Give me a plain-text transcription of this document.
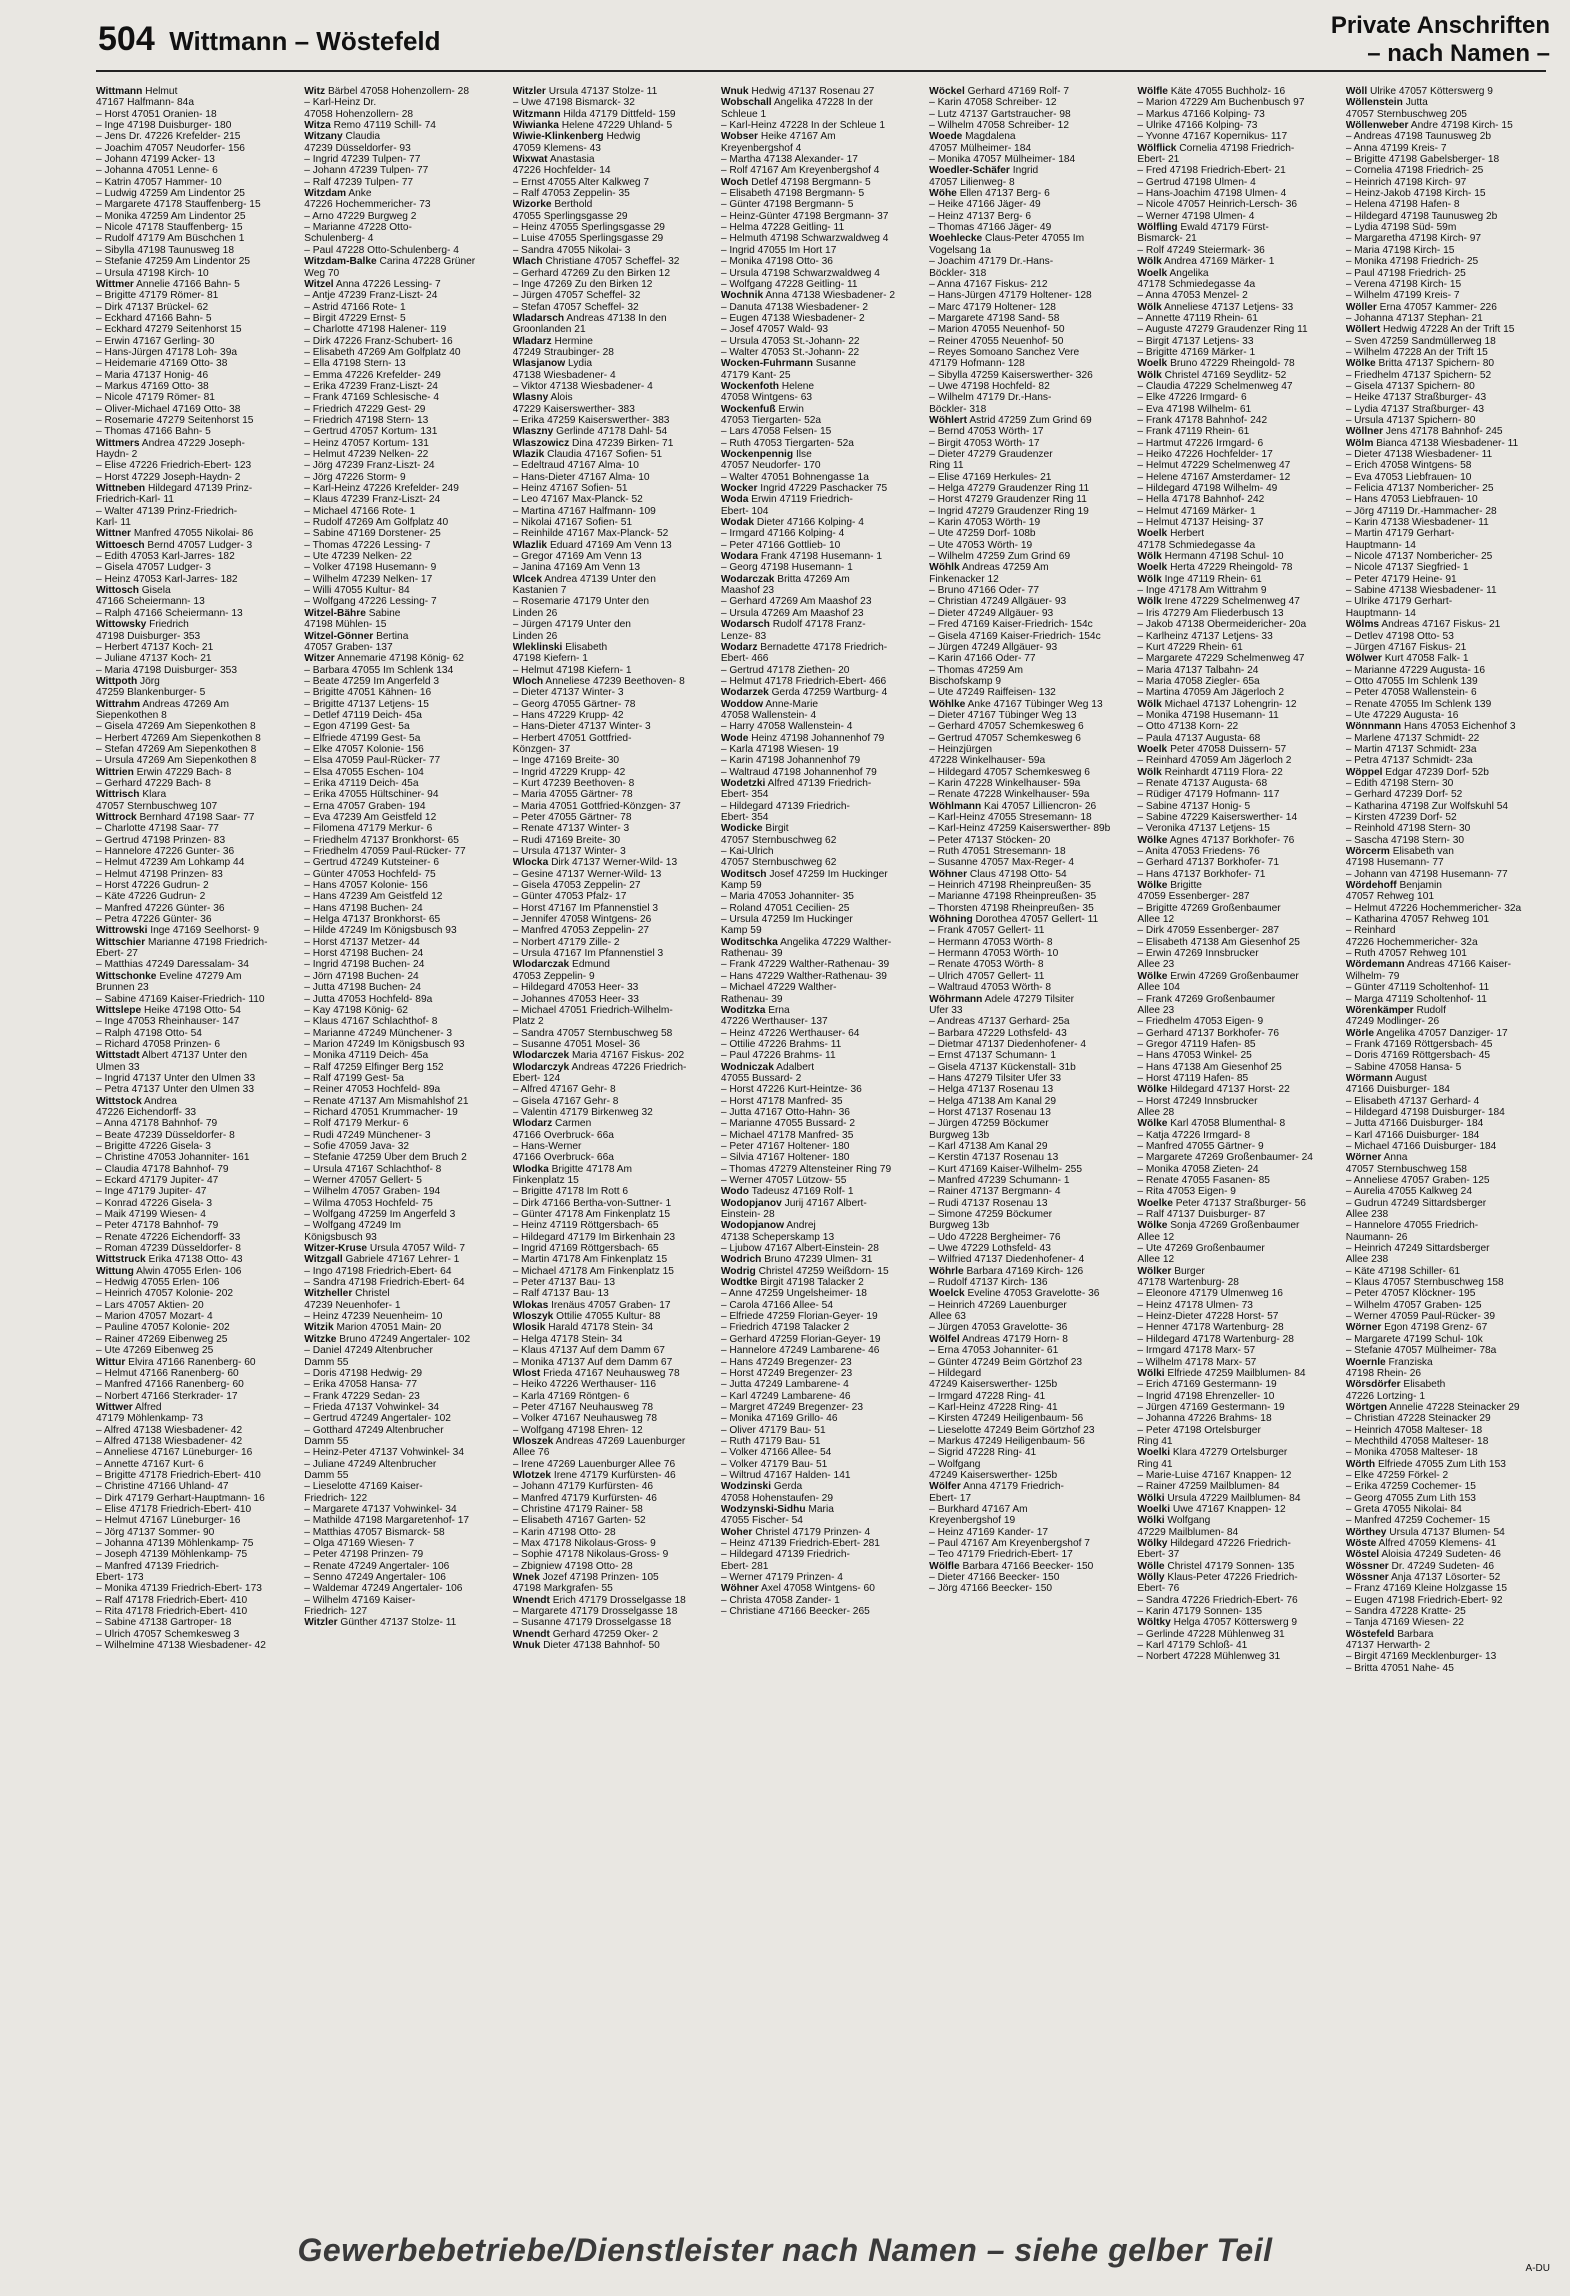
504 Wittmann – Wöstefeld
Private Anschriften
– nach Namen –
Wittmann Helmut
47167 Halfmann- 84a
– Horst 47051 Oranien- 18
– Inge 47198 Duisburger- 180
– Jens Dr. 47226 Krefelder- 215
– Joachim 47057 Neudorfer- 156
– Johann 47199 Acker- 13
– Johanna 47051 Lenne- 6
– Katrin 47057 Hammer- 10
– Ludwig 47259 Am Lindentor 25
– Margarete 47178 Stauffenberg- 15
– Monika 47259 Am Lindentor 25
– Nicole 47178 Stauffenberg- 15
– Rudolf 47179 Am Büschchen 1
– Sibylla 47198 Taunusweg 18
– Stefanie 47259 Am Lindentor 25
– Ursula 47198 Kirch- 10
Wittmer Annelie 47166 Bahn- 5
– Brigitte 47179 Römer- 81
– Dirk 47137 Brückel- 62
– Eckhard 47166 Bahn- 5
– Eckhard 47279 Seitenhorst 15
– Erwin 47167 Gerling- 30
– Hans-Jürgen 47178 Loh- 39a
– Heidemarie 47169 Otto- 38
– Maria 47137 Honig- 46
– Markus 47169 Otto- 38
– Nicole 47179 Römer- 81
– Oliver-Michael 47169 Otto- 38
– Rosemarie 47279 Seitenhorst 15
– Thomas 47166 Bahn- 5
Wittmers Andrea 47229 Joseph-
Haydn- 2
– Elise 47226 Friedrich-Ebert- 123
– Horst 47229 Joseph-Haydn- 2
Wittneben Hildegard 47139 Prinz-
Friedrich-Karl- 11
– Walter 47139 Prinz-Friedrich-
Karl- 11
Wittner Manfred 47055 Nikolai- 86
Wittoesch Bernd 47057 Ludger- 3
– Edith 47053 Karl-Jarres- 182
– Gisela 47057 Ludger- 3
– Heinz 47053 Karl-Jarres- 182
Wittosch Gisela
47166 Scheiermann- 13
– Ralph 47166 Scheiermann- 13
Wittowsky Friedrich
47198 Duisburger- 353
– Herbert 47137 Koch- 21
– Juliane 47137 Koch- 21
– Maria 47198 Duisburger- 353
Wittpoth Jörg
47259 Blankenburger- 5
Wittrahm Andreas 47269 Am
Siepenkothen 8
– Gisela 47269 Am Siepenkothen 8
– Herbert 47269 Am Siepenkothen 8
– Stefan 47269 Am Siepenkothen 8
– Ursula 47269 Am Siepenkothen 8
Wittrien Erwin 47229 Bach- 8
– Gerhard 47229 Bach- 8
Wittrisch Klara
47057 Sternbuschweg 107
Wittrock Bernhard 47198 Saar- 77
– Charlotte 47198 Saar- 77
– Gertrud 47198 Prinzen- 83
– Hannelore 47226 Gunter- 36
– Helmut 47239 Am Lohkamp 44
– Helmut 47198 Prinzen- 83
– Horst 47226 Gudrun- 2
– Käte 47226 Gudrun- 2
– Manfred 47226 Günter- 36
– Petra 47226 Günter- 36
Wittrowski Inge 47169 Seelhorst- 9
Wittschier Marianne 47198 Friedrich-
Ebert- 27
– Matthias 47249 Daressalam- 34
Wittschonke Eveline 47279 Am
Brunnen 23
– Sabine 47169 Kaiser-Friedrich- 110
Wittslepe Heike 47198 Otto- 54
– Inge 47053 Rheinhauser- 147
– Ralph 47198 Otto- 54
– Richard 47058 Prinzen- 6
Wittstadt Albert 47137 Unter den
Ulmen 33
– Ingrid 47137 Unter den Ulmen 33
– Petra 47137 Unter den Ulmen 33
Wittstock Andrea
47226 Eichendorff- 33
– Anna 47178 Bahnhof- 79
– Beate 47239 Düsseldorfer- 8
– Brigitte 47226 Gisela- 3
– Christine 47053 Johanniter- 161
– Claudia 47178 Bahnhof- 79
– Eckard 47179 Jupiter- 47
– Inge 47179 Jupiter- 47
– Konrad 47226 Gisela- 3
– Maik 47199 Wiesen- 4
– Peter 47178 Bahnhof- 79
– Renate 47226 Eichendorff- 33
– Roman 47239 Düsseldorfer- 8
Wittstruck Erika 47138 Otto- 43
Wittung Alwin 47055 Erlen- 106
– Hedwig 47055 Erlen- 106
– Heinrich 47057 Kolonie- 202
– Lars 47057 Aktien- 20
– Marion 47057 Mozart- 4
– Pauline 47057 Kolonie- 202
– Rainer 47269 Eibenweg 25
– Ute 47269 Eibenweg 25
Wittur Elvira 47166 Ranenberg- 60
– Helmut 47166 Ranenberg- 60
– Manfred 47166 Ranenberg- 60
– Norbert 47166 Sterkrader- 17
Wittwer Alfred
47179 Möhlenkamp- 73
– Alfred 47138 Wiesbadener- 42
– Alfred 47138 Wiesbadener- 42
– Anneliese 47167 Lüneburger- 16
– Annette 47167 Kurt- 6
– Brigitte 47178 Friedrich-Ebert- 410
– Christine 47166 Uhland- 47
– Dirk 47179 Gerhart-Hauptmann- 16
– Elise 47178 Friedrich-Ebert- 410
– Helmut 47167 Lüneburger- 16
– Jörg 47137 Sommer- 90
– Johanna 47139 Möhlenkamp- 75
– Joseph 47139 Möhlenkamp- 75
– Manfred 47139 Friedrich-
Ebert- 173
– Monika 47139 Friedrich-Ebert- 173
– Ralf 47178 Friedrich-Ebert- 410
– Rita 47178 Friedrich-Ebert- 410
– Sabine 47138 Gartroper- 18
– Ulrich 47057 Schemkesweg 3
– Wilhelmine 47138 Wiesbadener- 42
Witz Bärbel 47058 Hohenzollern- 28
– Karl-Heinz Dr.
47058 Hohenzollern- 28
Witza Remo 47119 Schill- 74
Witzany Claudia
47239 Düsseldorfer- 93
– Ingrid 47239 Tulpen- 77
– Johann 47239 Tulpen- 77
– Ralf 47239 Tulpen- 77
Witzdam Anke
47226 Hochemmericher- 73
– Arno 47229 Burgweg 2
– Marianne 47228 Otto-
Schulenberg- 4
– Paul 47228 Otto-Schulenberg- 4
Witzdam-Balke Carina 47228 Grüner
Weg 70
Witzel Anna 47226 Lessing- 7
– Antje 47239 Franz-Liszt- 24
– Astrid 47166 Rote- 1
– Birgit 47229 Ernst- 5
– Charlotte 47198 Halener- 119
– Dirk 47226 Franz-Schubert- 16
– Elisabeth 47269 Am Golfplatz 40
– Ella 47198 Stern- 13
– Emma 47226 Krefelder- 249
– Erika 47239 Franz-Liszt- 24
– Frank 47169 Schlesische- 4
– Friedrich 47229 Gest- 29
– Friedrich 47198 Stern- 13
– Gertrud 47057 Kortum- 131
– Heinz 47057 Kortum- 131
– Helmut 47239 Nelken- 22
– Jörg 47239 Franz-Liszt- 24
– Jörg 47226 Storm- 9
– Karl-Heinz 47226 Krefelder- 249
– Klaus 47239 Franz-Liszt- 24
– Michael 47166 Rote- 1
– Rudolf 47269 Am Golfplatz 40
– Sabine 47169 Dorstener- 25
– Thomas 47226 Lessing- 7
– Ute 47239 Nelken- 22
– Volker 47198 Husemann- 9
– Wilhelm 47239 Nelken- 17
– Willi 47055 Kultur- 84
– Wolfgang 47226 Lessing- 7
Witzel-Bähre Sabine
47198 Mühlen- 15
Witzel-Gönner Bertina
47057 Graben- 137
Witzer Annemarie 47198 König- 62
– Barbara 47055 Im Schlenk 134
– Beate 47259 Im Angerfeld 3
– Brigitte 47051 Kähnen- 16
– Brigitte 47137 Letjens- 15
– Detlef 47119 Deich- 45a
– Egon 47199 Gest- 5a
– Elfriede 47199 Gest- 5a
– Elke 47057 Kolonie- 156
– Elsa 47059 Paul-Rücker- 77
– Elsa 47055 Eschen- 104
– Erika 47119 Deich- 45a
– Erika 47055 Hültschiner- 94
– Erna 47057 Graben- 194
– Eva 47239 Am Geistfeld 12
– Filomena 47179 Merkur- 6
– Friedhelm 47137 Bronkhorst- 65
– Friedhelm 47059 Paul-Rücker- 77
– Gertrud 47249 Kutsteiner- 6
– Günter 47053 Hochfeld- 75
– Hans 47057 Kolonie- 156
– Hans 47239 Am Geistfeld 12
– Hans 47198 Buchen- 24
– Helga 47137 Bronkhorst- 65
– Hilde 47249 Im Königsbusch 93
– Horst 47137 Metzer- 44
– Horst 47198 Buchen- 24
– Ingrid 47198 Buchen- 24
– Jörn 47198 Buchen- 24
– Jutta 47198 Buchen- 24
– Jutta 47053 Hochfeld- 89a
– Kay 47198 König- 62
– Klaus 47167 Schlachthof- 8
– Marianne 47249 Münchener- 3
– Marion 47249 Im Königsbusch 93
– Monika 47119 Deich- 45a
– Ralf 47259 Elfinger Berg 152
– Ralf 47199 Gest- 5a
– Reiner 47053 Hochfeld- 89a
– Renate 47137 Am Mismahlshof 21
– Richard 47051 Krummacher- 19
– Rolf 47179 Merkur- 6
– Rudi 47249 Münchener- 3
– Sofie 47059 Java- 32
– Stefanie 47259 Über dem Bruch 2
– Ursula 47167 Schlachthof- 8
– Werner 47057 Gellert- 5
– Wilhelm 47057 Graben- 194
– Wilma 47053 Hochfeld- 75
– Wolfgang 47259 Im Angerfeld 3
– Wolfgang 47249 Im
Königsbusch 93
Witzer-Kruse Ursula 47057 Wild- 7
Witzgall Gabriele 47167 Lehrer- 1
– Ingo 47198 Friedrich-Ebert- 64
– Sandra 47198 Friedrich-Ebert- 64
Witzheller Christel
47239 Neuenhofer- 1
– Heinz 47239 Neuenheim- 10
Witzik Marion 47051 Main- 20
Witzke Bruno 47249 Angertaler- 102
– Daniel 47249 Altenbrucher
Damm 55
– Doris 47198 Hedwig- 29
– Erika 47058 Hansa- 77
– Frank 47229 Sedan- 23
– Frieda 47137 Vohwinkel- 34
– Gertrud 47249 Angertaler- 102
– Gotthard 47249 Altenbrucher
Damm 55
– Heinz-Peter 47137 Vohwinkel- 34
– Juliane 47249 Altenbrucher
Damm 55
– Lieselotte 47169 Kaiser-
Friedrich- 122
– Margarete 47137 Vohwinkel- 34
– Mathilde 47198 Margaretenhof- 17
– Matthias 47057 Bismarck- 58
– Olga 47169 Wiesen- 7
– Peter 47198 Prinzen- 79
– Renate 47249 Angertaler- 106
– Senno 47249 Angertaler- 106
– Waldemar 47249 Angertaler- 106
– Wilhelm 47169 Kaiser-
Friedrich- 127
Witzler Günther 47137 Stolze- 11
Witzler Ursula 47137 Stolze- 11
– Uwe 47198 Bismarck- 32
Witzmann Hilda 47179 Dittfeld- 159
Wiwianka Helene 47229 Uhland- 5
Wiwie-Klinkenberg Hedwig
47059 Klemens- 43
Wixwat Anastasia
47226 Hochfelder- 14
– Ernst 47055 Alter Kalkweg 7
– Ralf 47053 Zeppelin- 35
Wizorke Berthold
47055 Sperlingsgasse 29
– Heinz 47055 Sperlingsgasse 29
– Luise 47055 Sperlingsgasse 29
– Sandra 47055 Nikolai- 3
Wlach Christiane 47057 Scheffel- 32
– Gerhard 47269 Zu den Birken 12
– Inge 47269 Zu den Birken 12
– Jürgen 47057 Scheffel- 32
– Stefan 47057 Scheffel- 32
Wladarsch Andreas 47138 In den
Groonlanden 21
Wladarz Hermine
47249 Straubinger- 28
Wlasjanow Lydia
47138 Wiesbadener- 4
– Viktor 47138 Wiesbadener- 4
Wlasny Alois
47229 Kaiserswerther- 383
– Erika 47259 Kaiserswerther- 383
Wlaszny Gerlinde 47178 Dahl- 54
Wlaszowicz Dina 47239 Birken- 71
Wlazik Claudia 47167 Sofien- 51
– Edeltraud 47167 Alma- 10
– Hans-Dieter 47167 Alma- 10
– Heinz 47167 Sofien- 51
– Leo 47167 Max-Planck- 52
– Martina 47167 Halfmann- 109
– Nikolai 47167 Sofien- 51
– Reinhilde 47167 Max-Planck- 52
Wlazlik Eduard 47169 Am Venn 13
– Gregor 47169 Am Venn 13
– Janina 47169 Am Venn 13
Wlcek Andrea 47139 Unter den
Kastanien 7
– Rosemarie 47179 Unter den
Linden 26
– Jürgen 47179 Unter den
Linden 26
Wleklinski Elisabeth
47198 Kiefern- 1
– Helmut 47198 Kiefern- 1
Wloch Anneliese 47239 Beethoven- 8
– Dieter 47137 Winter- 3
– Georg 47055 Gärtner- 78
– Hans 47229 Krupp- 42
– Hans-Dieter 47137 Winter- 3
– Herbert 47051 Gottfried-
Könzgen- 37
– Inge 47169 Breite- 30
– Ingrid 47229 Krupp- 42
– Kurt 47239 Beethoven- 8
– Maria 47055 Gärtner- 78
– Maria 47051 Gottfried-Könzgen- 37
– Peter 47055 Gärtner- 78
– Renate 47137 Winter- 3
– Rudi 47169 Breite- 30
– Ursula 47137 Winter- 3
Wlocka Dirk 47137 Werner-Wild- 13
– Gesine 47137 Werner-Wild- 13
– Gisela 47053 Zeppelin- 27
– Günter 47053 Pfalz- 17
– Horst 47167 Im Pfannenstiel 3
– Jennifer 47058 Wintgens- 26
– Manfred 47053 Zeppelin- 27
– Norbert 47179 Zille- 2
– Ursula 47167 Im Pfannenstiel 3
Wlodarczak Edmund
47053 Zeppelin- 9
– Hildegard 47053 Heer- 33
– Johannes 47053 Heer- 33
– Michael 47051 Friedrich-Wilhelm-
Platz 2
– Sandra 47057 Sternbuschweg 58
– Susanne 47051 Mosel- 36
Wlodarczek Maria 47167 Fiskus- 202
Wlodarczyk Andreas 47226 Friedrich-
Ebert- 124
– Alfred 47167 Gehr- 8
– Gisela 47167 Gehr- 8
– Valentin 47179 Birkenweg 32
Wlodarz Carmen
47166 Overbruck- 66a
– Hans-Werner
47166 Overbruck- 66a
Wlodka Brigitte 47178 Am
Finkenplatz 15
– Brigitte 47178 Im Rott 6
– Dirk 47166 Bertha-von-Suttner- 1
– Günter 47178 Am Finkenplatz 15
– Heinz 47119 Röttgersbach- 65
– Hildegard 47179 Im Birkenhain 23
– Ingrid 47169 Röttgersbach- 65
– Martin 47178 Am Finkenplatz 15
– Michael 47178 Am Finkenplatz 15
– Peter 47137 Bau- 13
– Ralf 47137 Bau- 13
Wlokas Irenäus 47057 Graben- 17
Wloszyk Ottilie 47055 Kultur- 88
Wlosik Harald 47178 Stein- 34
– Helga 47178 Stein- 34
– Klaus 47137 Auf dem Damm 67
– Monika 47137 Auf dem Damm 67
Wlost Frieda 47167 Neuhausweg 78
– Heiko 47226 Werthauser- 116
– Karla 47169 Röntgen- 6
– Peter 47167 Neuhausweg 78
– Volker 47167 Neuhausweg 78
– Wolfgang 47198 Ehren- 12
Wloszek Andreas 47269 Lauenburger
Allee 76
– Irene 47269 Lauenburger Allee 76
Wlotzek Irene 47179 Kurfürsten- 46
– Johann 47179 Kurfürsten- 46
– Manfred 47179 Kurfürsten- 46
– Christine 47179 Rainer- 58
– Elisabeth 47167 Garten- 52
– Karin 47198 Otto- 28
– Max 47178 Nikolaus-Gross- 9
– Sophie 47178 Nikolaus-Gross- 9
– Zbigniew 47198 Otto- 28
Wnek Jozef 47198 Prinzen- 105
47198 Markgrafen- 55
Wnendt Erich 47179 Drosselgasse 18
– Margarete 47179 Drosselgasse 18
– Susanne 47179 Drosselgasse 18
Wnendt Gerhard 47259 Oker- 2
Wnuk Dieter 47138 Bahnhof- 50
Wnuk Hedwig 47137 Rosenau 27
Wobschall Angelika 47228 In der
Schleue 1
– Karl-Heinz 47228 In der Schleue 1
Wobser Heike 47167 Am
Kreyenbergshof 4
– Martha 47138 Alexander- 17
– Rolf 47167 Am Kreyenbergshof 4
Woch Detlef 47198 Bergmann- 5
– Elisabeth 47198 Bergmann- 5
– Günter 47198 Bergmann- 5
– Heinz-Günter 47198 Bergmann- 37
– Helma 47228 Geitling- 11
– Helmuth 47198 Schwarzwaldweg 4
– Ingrid 47055 Im Hort 17
– Monika 47198 Otto- 36
– Ursula 47198 Schwarzwaldweg 4
– Wolfgang 47228 Geitling- 11
Wochnik Anna 47138 Wiesbadener- 2
– Danuta 47138 Wiesbadener- 2
– Eugen 47138 Wiesbadener- 2
– Josef 47057 Wald- 93
– Ursula 47053 St.-Johann- 22
– Walter 47053 St.-Johann- 22
Wocken-Fuhrmann Susanne
47179 Kant- 25
Wockenfoth Helene
47058 Wintgens- 63
Wockenfuß Erwin
47053 Tiergarten- 52a
– Lars 47058 Felsen- 15
– Ruth 47053 Tiergarten- 52a
Wockenpennig Ilse
47057 Neudorfer- 170
– Walter 47051 Bohnengasse 1a
Wocker Ingrid 47229 Paschacker 75
Woda Erwin 47119 Friedrich-
Ebert- 104
Wodak Dieter 47166 Kolping- 4
– Irmgard 47166 Kolping- 4
– Peter 47166 Gottlieb- 10
Wodara Frank 47198 Husemann- 1
– Georg 47198 Husemann- 1
Wodarczak Britta 47269 Am
Maashof 23
– Gerhard 47269 Am Maashof 23
– Ursula 47269 Am Maashof 23
Wodarsch Rudolf 47178 Franz-
Lenze- 83
Wodarz Bernadette 47178 Friedrich-
Ebert- 466
– Gertrud 47178 Ziethen- 20
– Helmut 47178 Friedrich-Ebert- 466
Wodarzek Gerda 47259 Wartburg- 4
Woddow Anne-Marie
47058 Wallenstein- 4
– Harry 47058 Wallenstein- 4
Wode Heinz 47198 Johannenhof 79
– Karla 47198 Wiesen- 19
– Karin 47198 Johannenhof 79
– Waltraud 47198 Johannenhof 79
Wodetzki Alfred 47139 Friedrich-
Ebert- 354
– Hildegard 47139 Friedrich-
Ebert- 354
Wodicke Birgit
47057 Sternbuschweg 62
– Kai-Ulrich
47057 Sternbuschweg 62
Woditsch Josef 47259 Im Huckinger
Kamp 59
– Maria 47053 Johanniter- 35
– Roland 47051 Cecilien- 25
– Ursula 47259 Im Huckinger
Kamp 59
Woditschka Angelika 47229 Walther-
Rathenau- 39
– Frank 47229 Walther-Rathenau- 39
– Hans 47229 Walther-Rathenau- 39
– Michael 47229 Walther-
Rathenau- 39
Woditzka Erna
47226 Werthauser- 137
– Heinz 47226 Werthauser- 64
– Ottilie 47226 Brahms- 11
– Paul 47226 Brahms- 11
Wodniczak Adalbert
47055 Bussard- 2
– Horst 47226 Kurt-Heintze- 36
– Horst 47178 Manfred- 35
– Jutta 47167 Otto-Hahn- 36
– Marianne 47055 Bussard- 2
– Michael 47178 Manfred- 35
– Peter 47167 Holtener- 180
– Silvia 47167 Holtener- 180
– Thomas 47279 Altensteiner Ring 79
– Werner 47057 Lützow- 55
Wodo Tadeusz 47169 Rolf- 1
Wodopjanov Jurij 47167 Albert-
Einstein- 28
Wodopjanow Andrej
47138 Scheperskamp 13
– Ljubow 47167 Albert-Einstein- 28
Wodrich Bruno 47239 Ulmen- 31
Wodrig Christel 47259 Weißdorn- 15
Wodtke Birgit 47198 Talacker 2
– Anne 47259 Ungelsheimer- 18
– Carola 47166 Allee- 54
– Elfriede 47259 Florian-Geyer- 19
– Friedrich 47198 Talacker 2
– Gerhard 47259 Florian-Geyer- 19
– Hannelore 47249 Lambarene- 46
– Hans 47249 Bregenzer- 23
– Horst 47249 Bregenzer- 23
– Jutta 47249 Lambarene- 4
– Karl 47249 Lambarene- 46
– Margret 47249 Bregenzer- 23
– Monika 47169 Grillo- 46
– Oliver 47179 Bau- 51
– Ruth 47179 Bau- 51
– Volker 47166 Allee- 54
– Volker 47179 Bau- 51
– Wiltrud 47167 Halden- 141
Wodzinski Gerda
47058 Hohenstaufen- 29
Wodzynski-Sidhu Maria
47055 Fischer- 54
Woher Christel 47179 Prinzen- 4
– Heinz 47139 Friedrich-Ebert- 281
– Hildegard 47139 Friedrich-
Ebert- 281
– Werner 47179 Prinzen- 4
Wöhner Axel 47058 Wintgens- 60
– Christa 47058 Zander- 1
– Christiane 47166 Beecker- 265
Wöckel Gerhard 47169 Rolf- 7
– Karin 47058 Schreiber- 12
– Lutz 47137 Gartstraucher- 98
– Wilhelm 47058 Schreiber- 12
Woede Magdalena
47057 Mülheimer- 184
– Monika 47057 Mülheimer- 184
Woedler-Schäfer Ingrid
47057 Lilienweg- 8
Wöhe Ellen 47137 Berg- 6
– Heike 47166 Jäger- 49
– Heinz 47137 Berg- 6
– Thomas 47166 Jäger- 49
Woehlecke Claus-Peter 47055 Im
Vogelsang 1a
– Joachim 47179 Dr.-Hans-
Böckler- 318
– Anna 47167 Fiskus- 212
– Hans-Jürgen 47179 Holtener- 128
– Marc 47179 Holtener- 128
– Margarete 47198 Sand- 58
– Marion 47055 Neuenhof- 50
– Reiner 47055 Neuenhof- 50
– Reyes Somoano Sanchez Vere
47179 Hofmann- 128
– Sibylla 47259 Kaiserswerther- 326
– Uwe 47198 Hochfeld- 82
– Wilhelm 47179 Dr.-Hans-
Böckler- 318
Wöhlert Astrid 47259 Zum Grind 69
– Bernd 47053 Wörth- 17
– Birgit 47053 Wörth- 17
– Dieter 47279 Graudenzer
Ring 11
– Elise 47169 Herkules- 21
– Helga 47279 Graudenzer Ring 11
– Horst 47279 Graudenzer Ring 11
– Ingrid 47279 Graudenzer Ring 19
– Karin 47053 Wörth- 19
– Ute 47259 Dorf- 108b
– Ute 47053 Wörth- 19
– Wilhelm 47259 Zum Grind 69
Wöhlk Andreas 47259 Am
Finkenacker 12
– Bruno 47166 Oder- 77
– Christian 47249 Allgäuer- 93
– Dieter 47249 Allgäuer- 93
– Fred 47169 Kaiser-Friedrich- 154c
– Gisela 47169 Kaiser-Friedrich- 154c
– Jürgen 47249 Allgäuer- 93
– Karin 47166 Oder- 77
– Thomas 47259 Am
Bischofskamp 9
– Ute 47249 Raiffeisen- 132
Wöhlke Anke 47167 Tübinger Weg 13
– Dieter 47167 Tübinger Weg 13
– Gerhard 47057 Schemkesweg 6
– Gertrud 47057 Schemkesweg 6
– Heinzjürgen
47228 Winkelhauser- 59a
– Hildegard 47057 Schemkesweg 6
– Karin 47228 Winkelhauser- 59a
– Renate 47228 Winkelhauser- 59a
Wöhlmann Kai 47057 Lilliencron- 26
– Karl-Heinz 47055 Stresemann- 18
– Karl-Heinz 47259 Kaiserswerther- 89b
– Peter 47137 Stöcken- 20
– Ruth 47051 Stresemann- 18
– Susanne 47057 Max-Reger- 4
Wöhner Claus 47198 Otto- 54
– Heinrich 47198 Rheinpreußen- 35
– Marianne 47198 Rheinpreußen- 35
– Thorsten 47198 Rheinpreußen- 35
Wöhning Dorothea 47057 Gellert- 11
– Frank 47057 Gellert- 11
– Hermann 47053 Wörth- 8
– Hermann 47053 Wörth- 10
– Renate 47053 Wörth- 8
– Ulrich 47057 Gellert- 11
– Waltraud 47053 Wörth- 8
Wöhrmann Adele 47279 Tilsiter
Ufer 33
– Andreas 47137 Gerhard- 25a
– Barbara 47229 Lothsfeld- 43
– Dietmar 47137 Diedenhofener- 4
– Ernst 47137 Schumann- 1
– Gisela 47137 Kückenstall- 31b
– Hans 47279 Tilsiter Ufer 33
– Helga 47137 Rosenau 13
– Helga 47138 Am Kanal 29
– Horst 47137 Rosenau 13
– Jürgen 47259 Böckumer
Burgweg 13b
– Karl 47138 Am Kanal 29
– Kerstin 47137 Rosenau 13
– Kurt 47169 Kaiser-Wilhelm- 255
– Manfred 47239 Schumann- 1
– Rainer 47137 Bergmann- 4
– Rudi 47137 Rosenau 13
– Simone 47259 Böckumer
Burgweg 13b
– Udo 47228 Bergheimer- 76
– Uwe 47229 Lothsfeld- 43
– Wilfried 47137 Diedenhofener- 4
Wöhrle Barbara 47169 Kirch- 126
– Rudolf 47137 Kirch- 136
Woelck Eveline 47053 Gravelotte- 36
– Heinrich 47269 Lauenburger
Allee 63
– Jürgen 47053 Gravelotte- 36
Wölfel Andreas 47179 Horn- 8
– Erna 47053 Johanniter- 61
– Günter 47249 Beim Görtzhof 23
– Hildegard
47249 Kaiserswerther- 125b
– Irmgard 47228 Ring- 41
– Karl-Heinz 47228 Ring- 41
– Kirsten 47249 Heiligenbaum- 56
– Lieselotte 47249 Beim Görtzhof 23
– Markus 47249 Heiligenbaum- 56
– Sigrid 47228 Ring- 41
– Wolfgang
47249 Kaiserswerther- 125b
Wölfer Anna 47179 Friedrich-
Ebert- 17
– Burkhard 47167 Am
Kreyenbergshof 19
– Heinz 47169 Kander- 17
– Paul 47167 Am Kreyenbergshof 7
– Teo 47179 Friedrich-Ebert- 17
Wölfle Barbara 47166 Beecker- 150
– Dieter 47166 Beecker- 150
– Jörg 47166 Beecker- 150
Wölfle Käte 47055 Buchholz- 16
– Marion 47229 Am Buchenbusch 97
– Markus 47166 Kolping- 73
– Ulrike 47166 Kolping- 73
– Yvonne 47167 Kopernikus- 117
Wölflick Cornelia 47198 Friedrich-
Ebert- 21
– Fred 47198 Friedrich-Ebert- 21
– Gertrud 47198 Ulmen- 4
– Hans-Joachim 47198 Ulmen- 4
– Nicole 47057 Heinrich-Lersch- 36
– Werner 47198 Ulmen- 4
Wölfling Ewald 47179 Fürst-
Bismarck- 21
– Rolf 47249 Steiermark- 36
Wölk Andrea 47169 Märker- 1
Woelk Angelika
47178 Schmiedegasse 4a
– Anna 47053 Menzel- 2
Wölk Anneliese 47137 Letjens- 33
– Annette 47119 Rhein- 61
– Auguste 47279 Graudenzer Ring 11
– Birgit 47137 Letjens- 33
– Brigitte 47169 Märker- 1
Woelk Bruno 47229 Rheingold- 78
Wölk Christel 47169 Seydlitz- 52
– Claudia 47229 Schelmenweg 47
– Elke 47226 Irmgard- 6
– Eva 47198 Wilhelm- 61
– Frank 47178 Bahnhof- 242
– Frank 47119 Rhein- 61
– Hartmut 47226 Irmgard- 6
– Heiko 47226 Hochfelder- 17
– Helmut 47229 Schelmenweg 47
– Helene 47167 Amsterdamer- 12
– Hildegard 47198 Wilhelm- 49
– Hella 47178 Bahnhof- 242
– Helmut 47169 Märker- 1
– Helmut 47137 Heising- 37
Woelk Herbert
47178 Schmiedegasse 4a
Wölk Hermann 47198 Schul- 10
Woelk Herta 47229 Rheingold- 78
Wölk Inge 47119 Rhein- 61
– Inge 47178 Am Wittrahm 9
Wölk Irene 47229 Schelmenweg 47
– Iris 47279 Am Fliederbusch 13
– Jakob 47138 Obermeidericher- 20a
– Karlheinz 47137 Letjens- 33
– Kurt 47229 Rhein- 61
– Margarete 47229 Schelmenweg 47
– Maria 47137 Talbahn- 24
– Maria 47058 Ziegler- 65a
– Martina 47059 Am Jägerloch 2
Wölk Michael 47137 Lohengrin- 12
– Monika 47198 Husemann- 11
– Otto 47138 Korn- 22
– Paula 47137 Augusta- 68
Woelk Peter 47058 Duissern- 57
– Reinhard 47059 Am Jägerloch 2
Wölk Reinhardt 47119 Flora- 22
– Renate 47137 Augusta- 68
– Rüdiger 47179 Hofmann- 117
– Sabine 47137 Honig- 5
– Sabine 47229 Kaiserswerther- 14
– Veronika 47137 Letjens- 15
Wölke Agnes 47137 Borkhofer- 76
– Anita 47053 Friedens- 76
– Gerhard 47137 Borkhofer- 71
– Hans 47137 Borkhofer- 71
Wölke Brigitte
47059 Essenberger- 287
– Brigitte 47269 Großenbaumer
Allee 12
– Dirk 47059 Essenberger- 287
– Elisabeth 47138 Am Giesenhof 25
– Erwin 47269 Innsbrucker
Allee 23
Wölke Erwin 47269 Großenbaumer
Allee 104
– Frank 47269 Großenbaumer
Allee 23
– Friedhelm 47053 Eigen- 9
– Gerhard 47137 Borkhofer- 76
– Gregor 47119 Hafen- 85
– Hans 47053 Winkel- 25
– Hans 47138 Am Giesenhof 25
– Horst 47119 Hafen- 85
Wölke Hildegard 47137 Horst- 22
– Horst 47249 Innsbrucker
Allee 28
Wölke Karl 47058 Blumenthal- 8
– Katja 47226 Irmgard- 8
– Manfred 47055 Gärtner- 9
– Margarete 47269 Großenbaumer- 24
– Monika 47058 Zieten- 24
– Renate 47055 Fasanen- 85
– Rita 47053 Eigen- 9
Woelke Peter 47137 Straßburger- 56
– Ralf 47137 Duisburger- 87
Wölke Sonja 47269 Großenbaumer
Allee 12
– Ute 47269 Großenbaumer
Allee 12
Wölker Burger
47178 Wartenburg- 28
– Eleonore 47179 Ulmenweg 16
– Heinz 47178 Ulmen- 73
– Heinz-Dieter 47228 Horst- 57
– Henner 47178 Wartenburg- 28
– Hildegard 47178 Wartenburg- 28
– Irmgard 47178 Marx- 57
– Wilhelm 47178 Marx- 57
Wölki Elfriede 47259 Mailblumen- 84
– Erich 47169 Gestermann- 19
– Ingrid 47198 Ehrenzeller- 10
– Jürgen 47169 Gestermann- 19
– Johanna 47226 Brahms- 18
– Peter 47198 Ortelsburger
Ring 41
Woelki Klara 47279 Ortelsburger
Ring 41
– Marie-Luise 47167 Knappen- 12
– Rainer 47259 Mailblumen- 84
Wölki Ursula 47229 Mailblumen- 84
Woelki Uwe 47167 Knappen- 12
Wölki Wolfgang
47229 Mailblumen- 84
Wölky Hildegard 47226 Friedrich-
Ebert- 37
Wölle Christel 47179 Sonnen- 135
Wölly Klaus-Peter 47226 Friedrich-
Ebert- 76
– Sandra 47226 Friedrich-Ebert- 76
– Karin 47179 Sonnen- 135
Wöltky Helga 47057 Kötterswerg 9
– Gerlinde 47228 Mühlenweg 31
– Karl 47179 Schloß- 41
– Norbert 47228 Mühlenweg 31
Wöll Ulrike 47057 Kötterswerg 9
Wöllenstein Jutta
47057 Sternbuschweg 205
Wöllenweber Andre 47198 Kirch- 15
– Andreas 47198 Taunusweg 2b
– Anna 47199 Kreis- 7
– Brigitte 47198 Gabelsberger- 18
– Cornelia 47198 Friedrich- 25
– Heinrich 47198 Kirch- 97
– Heinz-Jakob 47198 Kirch- 15
– Helena 47198 Hafen- 8
– Hildegard 47198 Taunusweg 2b
– Lydia 47198 Süd- 59m
– Margaretha 47198 Kirch- 97
– Maria 47198 Kirch- 15
– Monika 47198 Friedrich- 25
– Paul 47198 Friedrich- 25
– Verena 47198 Kirch- 15
– Wilhelm 47199 Kreis- 7
Wöller Erna 47057 Kammer- 226
– Johanna 47137 Stephan- 21
Wöllert Hedwig 47228 An der Trift 15
– Sven 47259 Sandmüllerweg 18
– Wilhelm 47228 An der Trift 15
Wölke Britta 47137 Spichern- 80
– Friedhelm 47137 Spichern- 52
– Gisela 47137 Spichern- 80
– Heike 47137 Straßburger- 43
– Lydia 47137 Straßburger- 43
– Ursula 47137 Spichern- 80
Wöllner Jens 47178 Bahnhof- 245
Wölm Bianca 47138 Wiesbadener- 11
– Dieter 47138 Wiesbadener- 11
– Erich 47058 Wintgens- 58
– Eva 47053 Liebfrauen- 10
– Felicia 47137 Nombericher- 25
– Hans 47053 Liebfrauen- 10
– Jörg 47119 Dr.-Hammacher- 28
– Karin 47138 Wiesbadener- 11
– Martin 47179 Gerhart-
Hauptmann- 14
– Nicole 47137 Nombericher- 25
– Nicole 47137 Siegfried- 1
– Peter 47179 Heine- 91
– Sabine 47138 Wiesbadener- 11
– Ulrike 47179 Gerhart-
Hauptmann- 14
Wölms Andreas 47167 Fiskus- 21
– Detlev 47198 Otto- 53
– Jürgen 47167 Fiskus- 21
Wölwer Kurt 47058 Falk- 1
– Marianne 47229 Augusta- 16
– Otto 47055 Im Schlenk 139
– Peter 47058 Wallenstein- 6
– Renate 47055 Im Schlenk 139
– Ute 47229 Augusta- 16
Wönnmann Hans 47053 Eichenhof 3
– Marlene 47137 Schmidt- 22
– Martin 47137 Schmidt- 23a
– Petra 47137 Schmidt- 23a
Wöppel Edgar 47239 Dorf- 52b
– Edith 47198 Stern- 30
– Gerhard 47239 Dorf- 52
– Katharina 47198 Zur Wolfskuhl 54
– Kirsten 47239 Dorf- 52
– Reinhold 47198 Stern- 30
– Sascha 47198 Stern- 30
Wörcerm Elisabeth van
47198 Husemann- 77
– Johann van 47198 Husemann- 77
Wördehoff Benjamin
47057 Rehweg 101
– Helmut 47226 Hochemmericher- 32a
– Katharina 47057 Rehweg 101
– Reinhard
47226 Hochemmericher- 32a
– Ruth 47057 Rehweg 101
Wördemann Andreas 47166 Kaiser-
Wilhelm- 79
– Günter 47119 Scholtenhof- 11
– Marga 47119 Scholtenhof- 11
Wörenkämper Rudolf
47249 Modlinger- 26
Wörle Angelika 47057 Danziger- 17
– Frank 47169 Röttgersbach- 45
– Doris 47169 Röttgersbach- 45
– Sabine 47058 Hansa- 5
Wörmann August
47166 Duisburger- 184
– Elisabeth 47137 Gerhard- 4
– Hildegard 47198 Duisburger- 184
– Jutta 47166 Duisburger- 184
– Karl 47166 Duisburger- 184
– Michael 47166 Duisburger- 184
Wörner Anna
47057 Sternbuschweg 158
– Anneliese 47057 Graben- 125
– Aurelia 47055 Kalkweg 24
– Gudrun 47249 Sittardsberger
Allee 238
– Hannelore 47055 Friedrich-
Naumann- 26
– Heinrich 47249 Sittardsberger
Allee 238
– Käte 47198 Schiller- 61
– Klaus 47057 Sternbuschweg 158
– Peter 47057 Klöckner- 195
– Wilhelm 47057 Graben- 125
– Werner 47059 Paul-Rücker- 39
Wörner Egon 47198 Grenz- 67
– Margarete 47199 Schul- 10k
– Stefanie 47057 Mülheimer- 78a
Woernle Franziska
47198 Rhein- 26
Wörsdörfer Elisabeth
47226 Lortzing- 1
Wörtgen Annelie 47228 Steinacker 29
– Christian 47228 Steinacker 29
– Heinrich 47058 Malteser- 18
– Mechthild 47058 Malteser- 18
– Monika 47058 Malteser- 18
Wörth Elfriede 47055 Zum Lith 153
– Elke 47259 Förkel- 2
– Erika 47259 Cochemer- 15
– Georg 47055 Zum Lith 153
– Greta 47055 Nikolai- 84
– Manfred 47259 Cochemer- 15
Wörthey Ursula 47137 Blumen- 54
Wöste Alfred 47059 Klemens- 41
Wöstel Aloisia 47249 Sudeten- 46
Wössner Dr. 47249 Sudeten- 46
Wössner Anja 47137 Lösorter- 52
– Franz 47169 Kleine Holzgasse 15
– Eugen 47198 Friedrich-Ebert- 92
– Sandra 47228 Kratte- 25
– Tanja 47169 Wiesen- 22
Wöstefeld Barbara
47137 Herwarth- 2
– Birgit 47169 Mecklenburger- 13
– Britta 47051 Nahe- 45
Gewerbebetriebe/Dienstleister nach Namen – siehe gelber Teil
A-DU
